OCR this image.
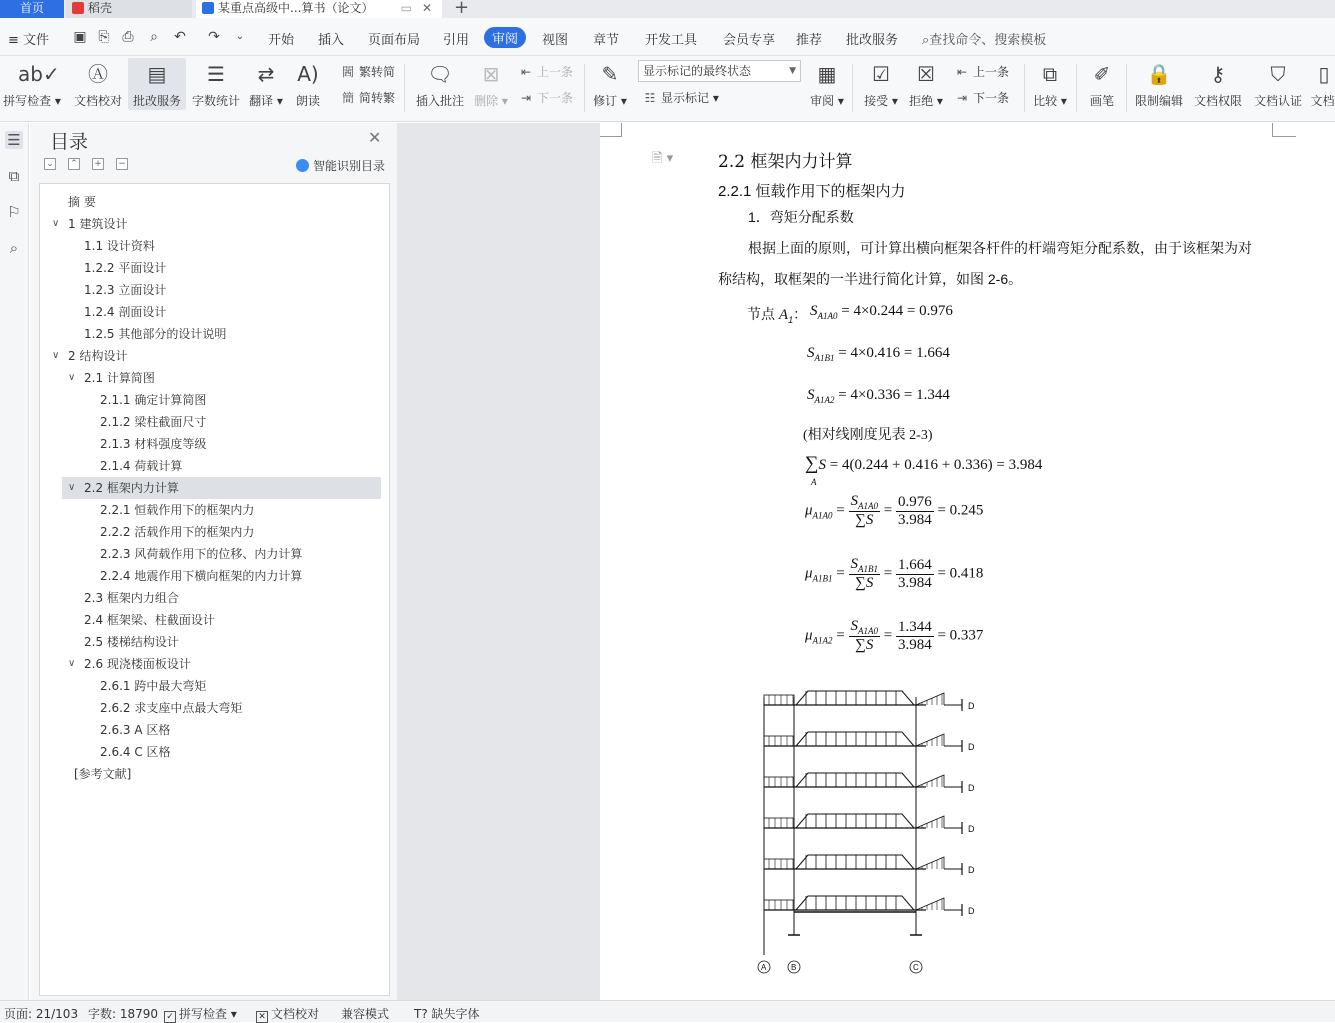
首页	稻壳	某重点高级中...算书（论文） ▭ ✕ +
≡ 文件 ▣ ⎘ ⎙ ⌕ ↶ ↷	⌄ 开始 插入 页面布局 引用	审阅	视图 章节 开发工具 会员专享 推荐 批改服务 ⌕查找命令、搜索模板
ab✓
拼写检查 ▾
Ⓐ
文档校对
▤
批改服务
☰
字数统计
⇄
翻译 ▾
A)
朗读
閪 繁转简
簡 简转繁
🗨
插入批注
⊠
删除 ▾
⇤ 上一条
⇥ 下一条
✎
修订 ▾
显示标记的最终状态	▼
☷ 显示标记 ▾
▦
审阅 ▾
☑
接受 ▾
☒
拒绝 ▾
⇤ 上一条
⇥ 下一条
⧉
比较 ▾
✐
画笔
🔒
限制编辑
⚷
文档权限
⛉
文档认证
▯
文档
☰
⧉
⚐
⌕
目录	✕
⌄ ⌃ + −	智能识别目录
摘 要
∨ 1 建筑设计
1.1 设计资料
1.2.2 平面设计
1.2.3 立面设计
1.2.4 剖面设计
1.2.5 其他部分的设计说明
∨ 2 结构设计
∨ 2.1 计算简图
2.1.1 确定计算简图
2.1.2 梁柱截面尺寸
2.1.3 材料强度等级
2.1.4 荷载计算
∨ 2.2 框架内力计算
2.2.1 恒载作用下的框架内力
2.2.2 活载作用下的框架内力
2.2.3 风荷载作用下的位移、内力计算
2.2.4 地震作用下横向框架的内力计算
2.3 框架内力组合
2.4 框架梁、柱截面设计
2.5 楼梯结构设计
∨ 2.6 现浇楼面板设计
2.6.1 跨中最大弯矩
2.6.2 求支座中点最大弯矩
2.6.3 A 区格
2.6.4 C 区格
[参考文献]
🗎 ▾	2.2 框架内力计算
2.2.1 恒载作用下的框架内力
1．弯矩分配系数
根据上面的原则，可计算出横向框架各杆件的杆端弯矩分配系数，由于该框架为对
称结构，取框架的一半进行简化计算，如图 2-6。
节点 $A_1$： $S_{A1A0} = 4\times 0.244 = 0.976$
$S_{A1B1} = 4\times 0.416 = 1.664$
$S_{A1A2} = 4\times 0.336 = 1.344$
(相对线刚度见表 2-3)
∑S = 4(0.244 + 0.416 + 0.336) = 3.984
A
$\mu_{A1A0} = \frac{S_{A1A0}}{\sum S} = \frac{0.976}{3.984} = 0.245$
$\mu_{A1B1} = \frac{S_{A1B1}}{\sum S} = \frac{1.664}{3.984} = 0.418$
$\mu_{A1A2} = \frac{S_{A1A0}}{\sum S} = \frac{1.344}{3.984} = 0.337$
D
D
D
D
D
D
A	B	C
页面: 21/103 字数: 18790 ✓ 拼写检查 ▾ ✕ 文档校对 兼容模式 T? 缺失字体
